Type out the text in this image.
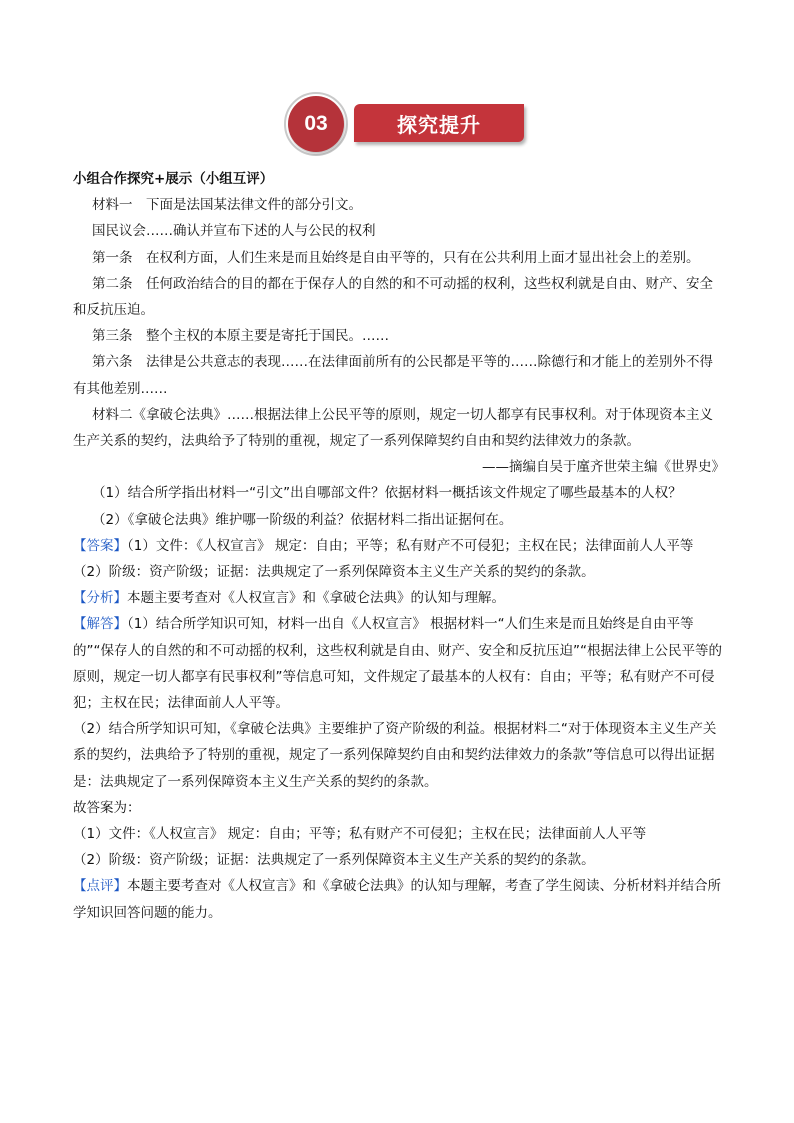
03	探究提升

小组合作探究+展示（小组互评）

材料一　下面是法国某法律文件的部分引文。

国民议会……确认并宣布下述的人与公民的权利

第一条　在权利方面，人们生来是而且始终是自由平等的，只有在公共利用上面才显出社会上的差别。

第二条　任何政治结合的目的都在于保存人的自然的和不可动摇的权利，这些权利就是自由、财产、安全和反抗压迫。

第三条　整个主权的本原主要是寄托于国民。……

第六条　法律是公共意志的表现……在法律面前所有的公民都是平等的……除德行和才能上的差别外不得有其他差别……

材料二《拿破仑法典》……根据法律上公民平等的原则，规定一切人都享有民事权利。对于体现资本主义生产关系的契约，法典给予了特别的重视，规定了一系列保障契约自由和契约法律效力的条款。

——摘编自吴于廑齐世荣主编《世界史》

（1）结合所学指出材料一“引文”出自哪部文件？依据材料一概括该文件规定了哪些最基本的人权？

（2）《拿破仑法典》维护哪一阶级的利益？依据材料二指出证据何在。

【答案】（1）文件：《人权宣言》 规定：自由；平等；私有财产不可侵犯；主权在民；法律面前人人平等

（2）阶级：资产阶级；证据：法典规定了一系列保障资本主义生产关系的契约的条款。

【分析】本题主要考查对《人权宣言》和《拿破仑法典》的认知与理解。

【解答】（1）结合所学知识可知，材料一出自《人权宣言》 根据材料一“人们生来是而且始终是自由平等的”“保存人的自然的和不可动摇的权利，这些权利就是自由、财产、安全和反抗压迫”“根据法律上公民平等的原则，规定一切人都享有民事权利”等信息可知，文件规定了最基本的人权有：自由；平等；私有财产不可侵犯；主权在民；法律面前人人平等。

（2）结合所学知识可知，《拿破仑法典》主要维护了资产阶级的利益。根据材料二“对于体现资本主义生产关系的契约，法典给予了特别的重视，规定了一系列保障契约自由和契约法律效力的条款”等信息可以得出证据是：法典规定了一系列保障资本主义生产关系的契约的条款。

故答案为：

（1）文件：《人权宣言》 规定：自由；平等；私有财产不可侵犯；主权在民；法律面前人人平等

（2）阶级：资产阶级；证据：法典规定了一系列保障资本主义生产关系的契约的条款。

【点评】本题主要考查对《人权宣言》和《拿破仑法典》的认知与理解，考查了学生阅读、分析材料并结合所学知识回答问题的能力。
